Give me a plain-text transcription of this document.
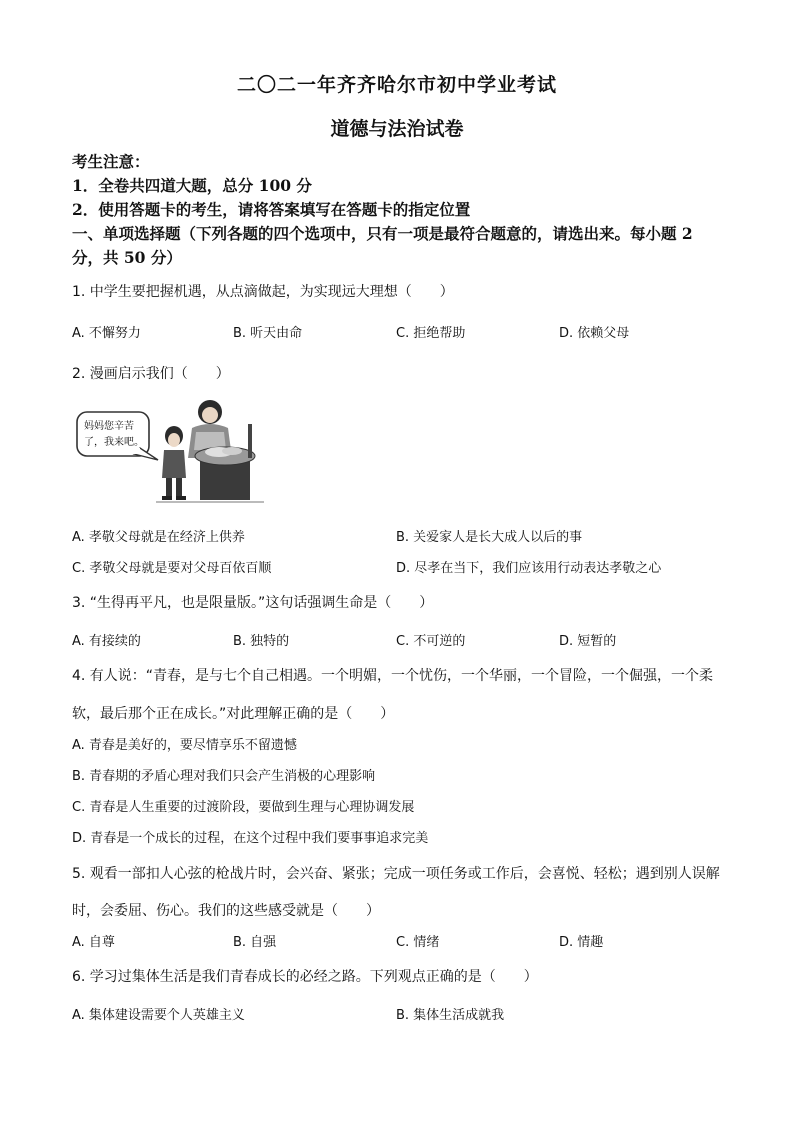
二〇二一年齐齐哈尔市初中学业考试
道德与法治试卷
考生注意：
1．全卷共四道大题，总分 100 分
2．使用答题卡的考生，请将答案填写在答题卡的指定位置
一、单项选择题（下列各题的四个选项中，只有一项是最符合题意的，请选出来。每小题 2
分，共 50 分）
1. 中学生要把握机遇，从点滴做起，为实现远大理想（　　）
A. 不懈努力	B. 听天由命	C. 拒绝帮助	D. 依赖父母
2. 漫画启示我们（　　）
妈妈您辛苦
了，我来吧。
A. 孝敬父母就是在经济上供养	B. 关爱家人是长大成人以后的事
C. 孝敬父母就是要对父母百依百顺	D. 尽孝在当下，我们应该用行动表达孝敬之心
3. “生得再平凡，也是限量版。”这句话强调生命是（　　）
A. 有接续的	B. 独特的	C. 不可逆的	D. 短暂的
4. 有人说：“青春，是与七个自己相遇。一个明媚，一个忧伤，一个华丽，一个冒险，一个倔强，一个柔
软，最后那个正在成长。”对此理解正确的是（　　）
A. 青春是美好的，要尽情享乐不留遗憾
B. 青春期的矛盾心理对我们只会产生消极的心理影响
C. 青春是人生重要的过渡阶段，要做到生理与心理协调发展
D. 青春是一个成长的过程，在这个过程中我们要事事追求完美
5. 观看一部扣人心弦的枪战片时，会兴奋、紧张；完成一项任务或工作后，会喜悦、轻松；遇到别人误解
时，会委屈、伤心。我们的这些感受就是（　　）
A. 自尊	B. 自强	C. 情绪	D. 情趣
6. 学习过集体生活是我们青春成长的必经之路。下列观点正确的是（　　）
A. 集体建设需要个人英雄主义	B. 集体生活成就我
